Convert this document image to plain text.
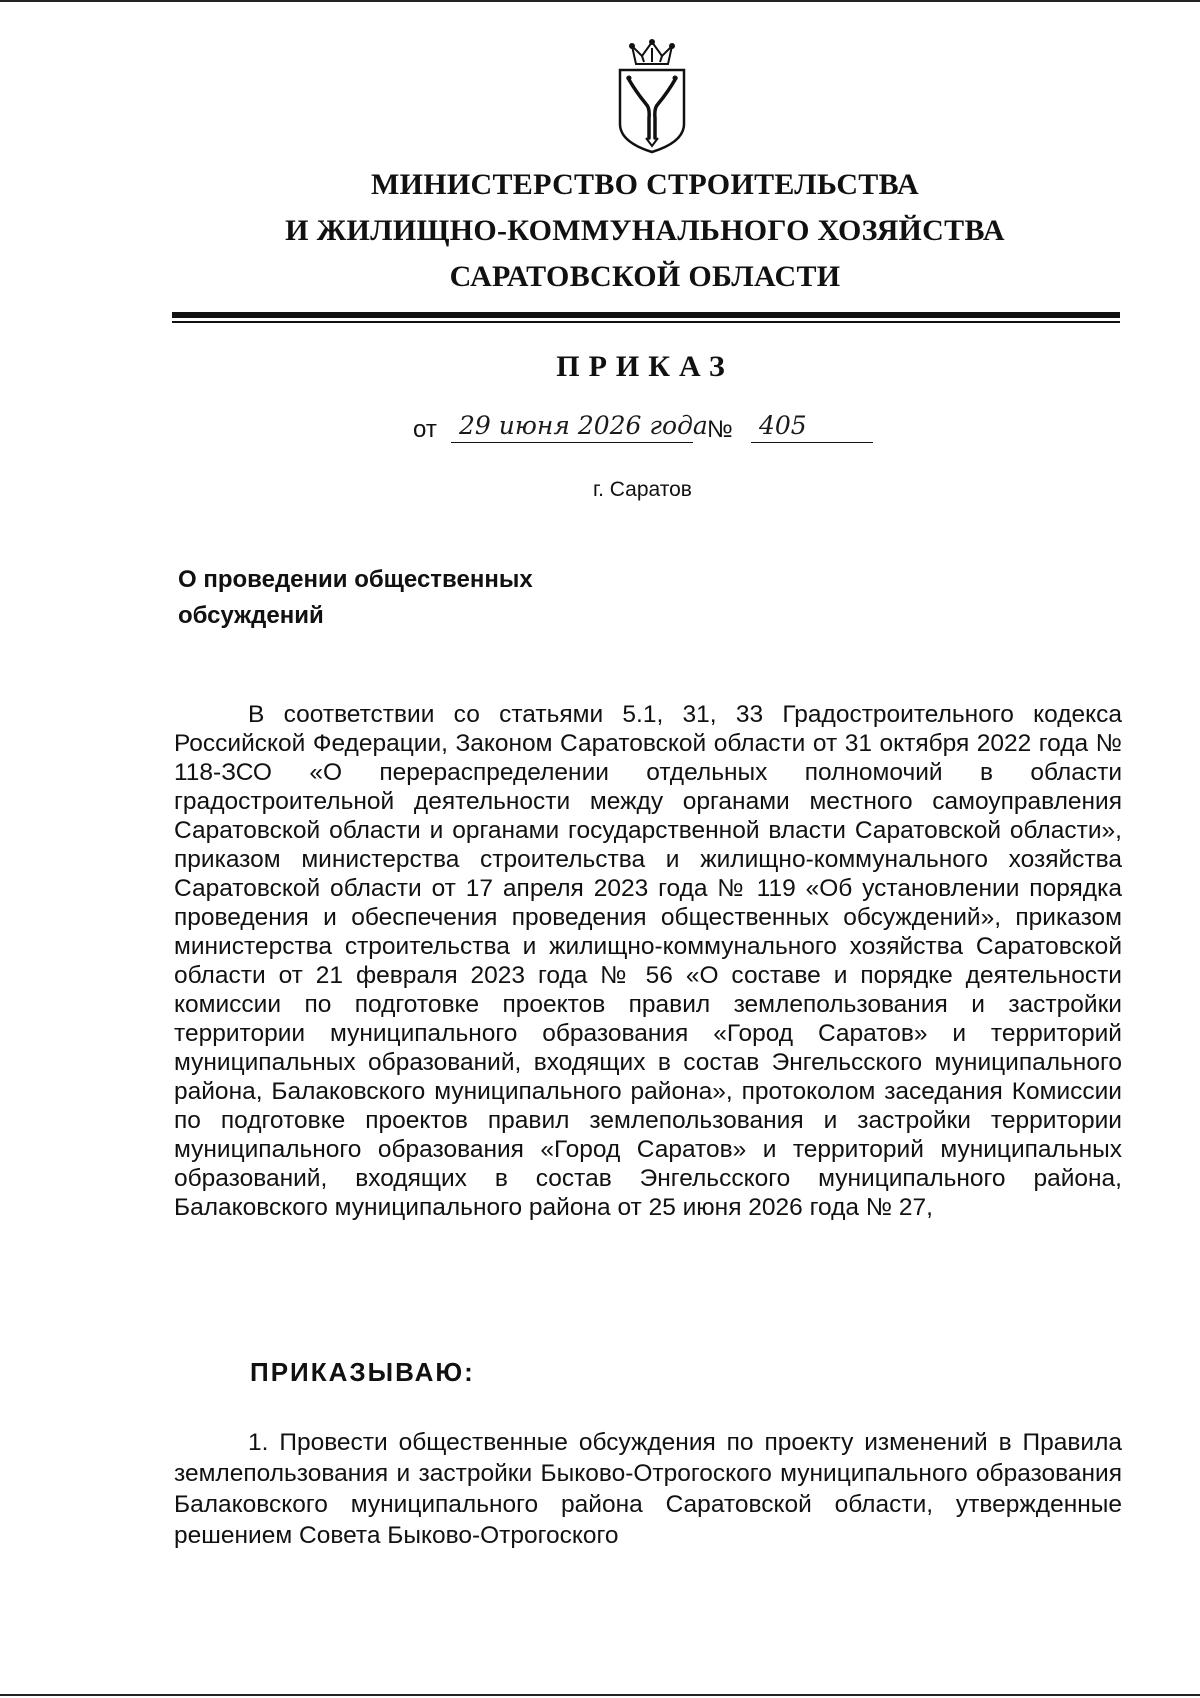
МИНИСТЕРСТВО СТРОИТЕЛЬСТВА
И ЖИЛИЩНО-КОММУНАЛЬНОГО ХОЗЯЙСТВА
САРАТОВСКОЙ ОБЛАСТИ
ПРИКАЗ
от 29 июня 2026 года № 405
г. Саратов
О проведении общественных
обсуждений

В соответствии со статьями 5.1, 31, 33 Градостроительного кодекса Российской Федерации, Законом Саратовской области от 31 октября 2022 года № 118-ЗСО «О перераспределении отдельных полномочий в области градостроительной деятельности между органами местного самоуправления Саратовской области и органами государственной власти Саратовской области», приказом министерства строительства и жилищно-коммунального хозяйства Саратовской области от 17 апреля 2023 года № 119 «Об установлении порядка проведения и обеспечения проведения общественных обсуждений», приказом министерства строительства и жилищно-коммунального хозяйства Саратовской области от 21 февраля 2023 года № 56 «О составе и порядке деятельности комиссии по подготовке проектов правил землепользования и застройки территории муниципального образования «Город Саратов» и территорий муниципальных образований, входящих в состав Энгельсского муниципального района, Балаковского муниципального района», протоколом заседания Комиссии по подготовке проектов правил землепользования и застройки территории муниципального образования «Город Саратов» и территорий муниципальных образований, входящих в состав Энгельсского муниципального района, Балаковского муниципального района от 25 июня 2026 года № 27,

ПРИКАЗЫВАЮ:

1. Провести общественные обсуждения по проекту изменений в Правила землепользования и застройки Быково-Отрогоского муниципального образования Балаковского муниципального района Саратовской области, утвержденные решением Совета Быково-Отрогоского
